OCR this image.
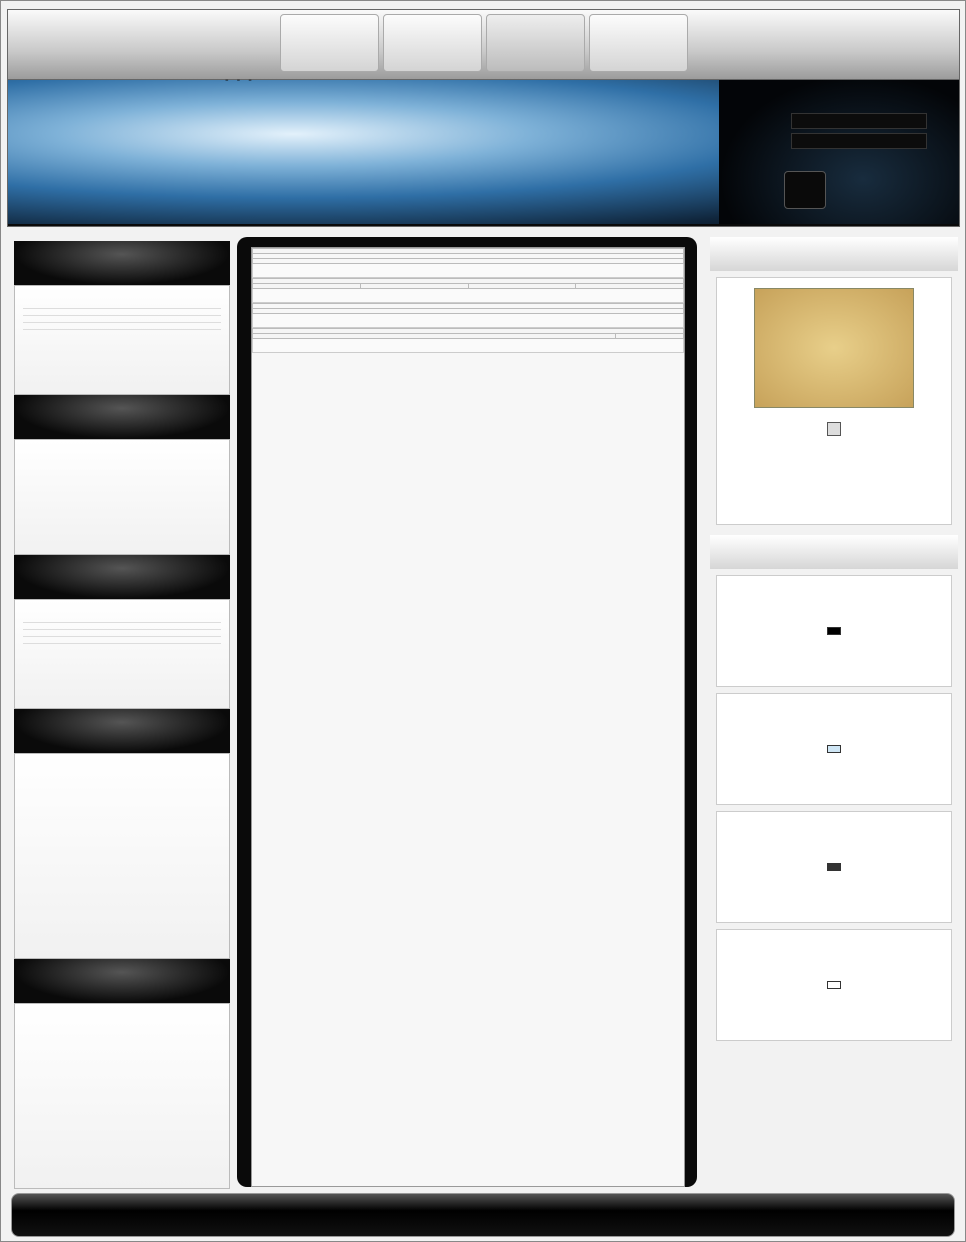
- - -
